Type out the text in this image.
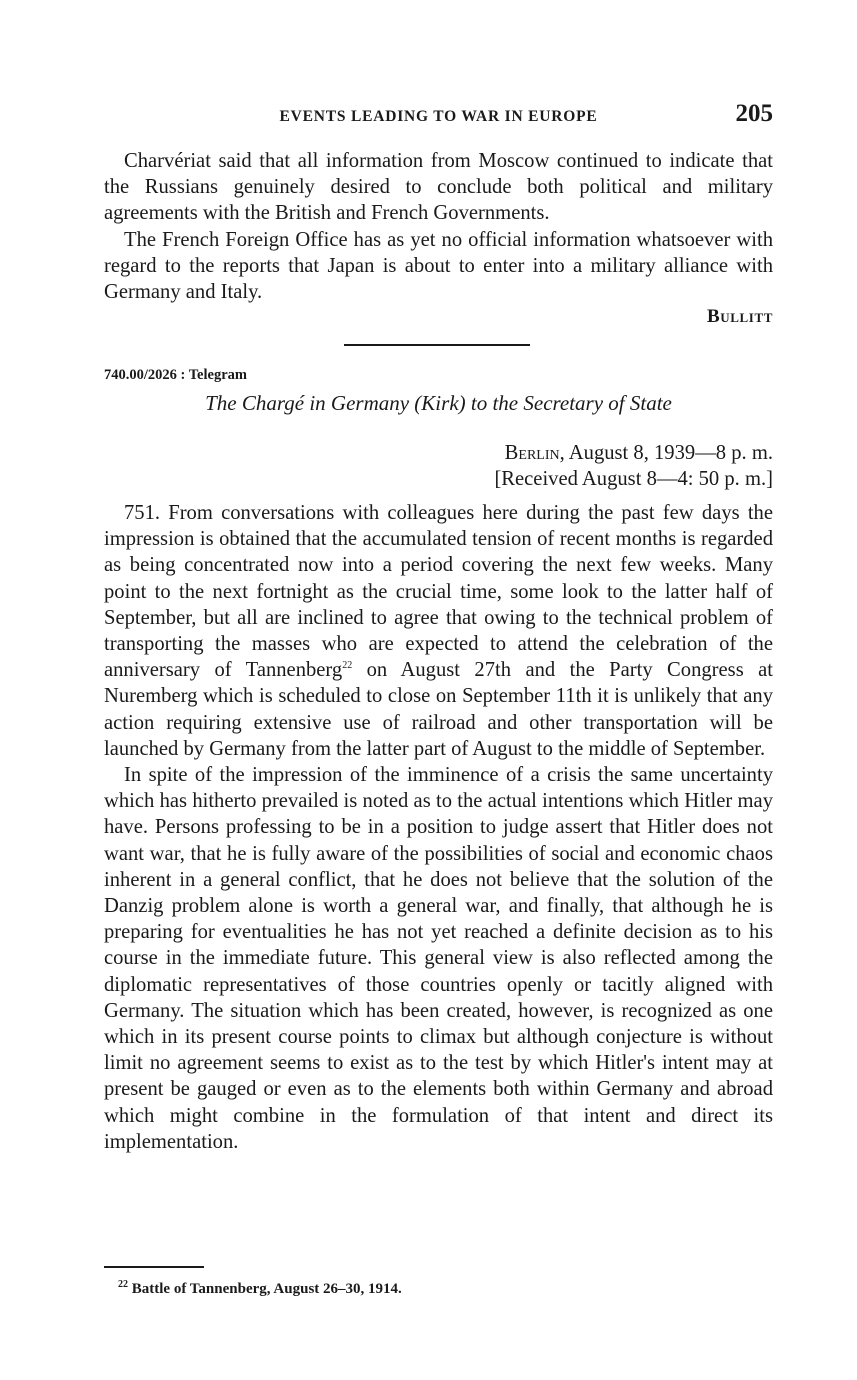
EVENTS LEADING TO WAR IN EUROPE	205

Charvériat said that all information from Moscow continued to indicate that the Russians genuinely desired to conclude both political and military agreements with the British and French Governments.

The French Foreign Office has as yet no official information whatsoever with regard to the reports that Japan is about to enter into a military alliance with Germany and Italy.

Bullitt
740.00/2026 : Telegram
The Chargé in Germany (Kirk) to the Secretary of State
Berlin, August 8, 1939—8 p. m.
[Received August 8—4: 50 p. m.]

751. From conversations with colleagues here during the past few days the impression is obtained that the accumulated tension of recent months is regarded as being concentrated now into a period covering the next few weeks. Many point to the next fortnight as the crucial time, some look to the latter half of September, but all are inclined to agree that owing to the technical problem of transporting the masses who are expected to attend the celebration of the anniversary of Tannenberg$^{22}$ on August 27th and the Party Congress at Nuremberg which is scheduled to close on September 11th it is unlikely that any action requiring extensive use of railroad and other transportation will be launched by Germany from the latter part of August to the middle of September.

In spite of the impression of the imminence of a crisis the same uncertainty which has hitherto prevailed is noted as to the actual intentions which Hitler may have. Persons professing to be in a position to judge assert that Hitler does not want war, that he is fully aware of the possibilities of social and economic chaos inherent in a general conflict, that he does not believe that the solution of the Danzig problem alone is worth a general war, and finally, that although he is preparing for eventualities he has not yet reached a definite decision as to his course in the immediate future. This general view is also reflected among the diplomatic representatives of those countries openly or tacitly aligned with Germany. The situation which has been created, however, is recognized as one which in its present course points to climax but although conjecture is without limit no agreement seems to exist as to the test by which Hitler's intent may at present be gauged or even as to the elements both within Germany and abroad which might combine in the formulation of that intent and direct its implementation.

$^{22}$ Battle of Tannenberg, August 26–30, 1914.
